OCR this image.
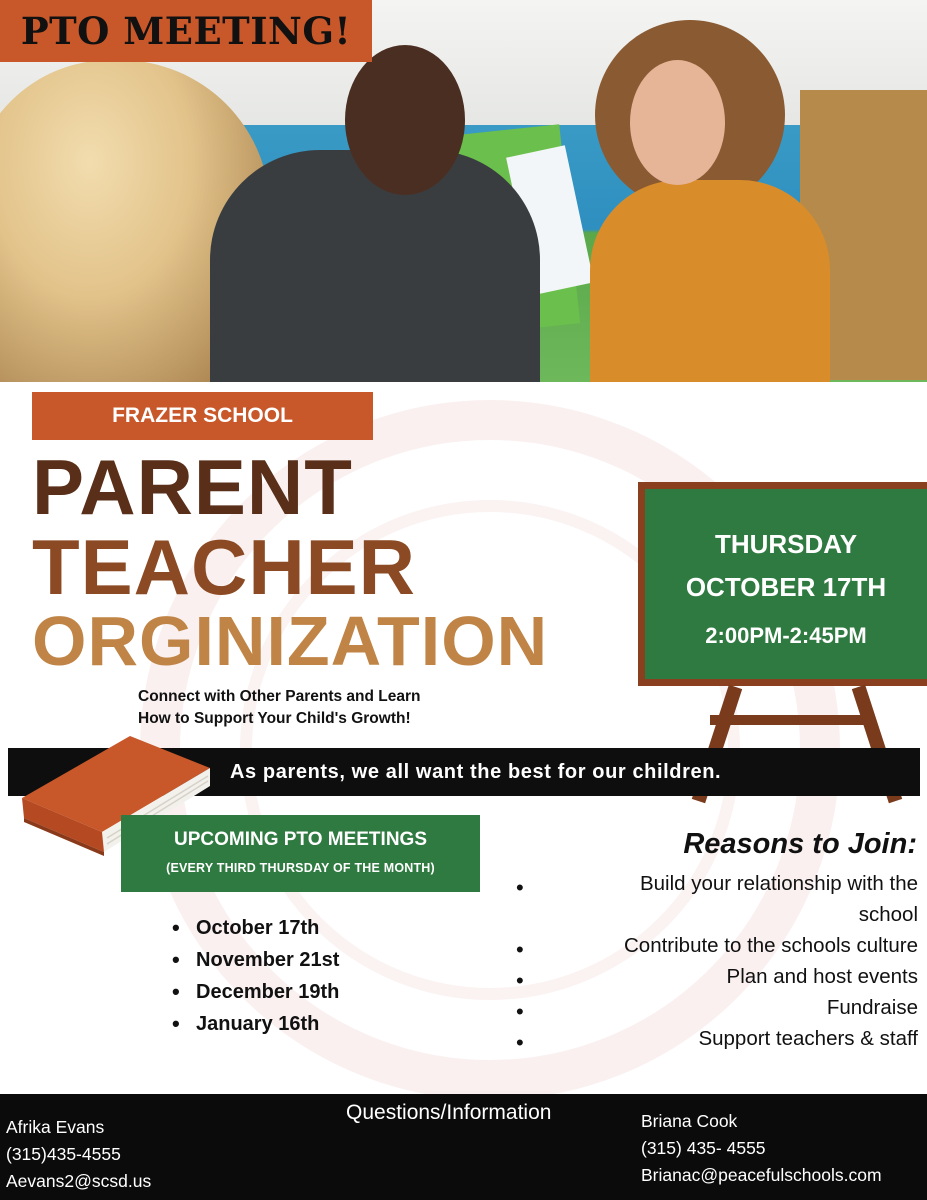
PTO MEETING!
FRAZER SCHOOL
PARENT
TEACHER
ORGINIZATION
Connect with Other Parents and Learn
How to Support Your Child's Growth!
THURSDAY
OCTOBER 17TH
2:00PM-2:45PM
As parents, we all want the best for our children.
UPCOMING PTO MEETINGS
(EVERY THIRD THURSDAY OF THE MONTH)
• October 17th
• November 21st
• December 19th
• January 16th
Reasons to Join:
•
•
•
•
•
Build your relationship with the
school
Contribute to the schools culture
Plan and host events
Fundraise
Support teachers & staff
Questions/Information
Afrika Evans
(315)435-4555
Aevans2@scsd.us
Briana Cook
(315) 435- 4555
Brianac@peacefulschools.com
